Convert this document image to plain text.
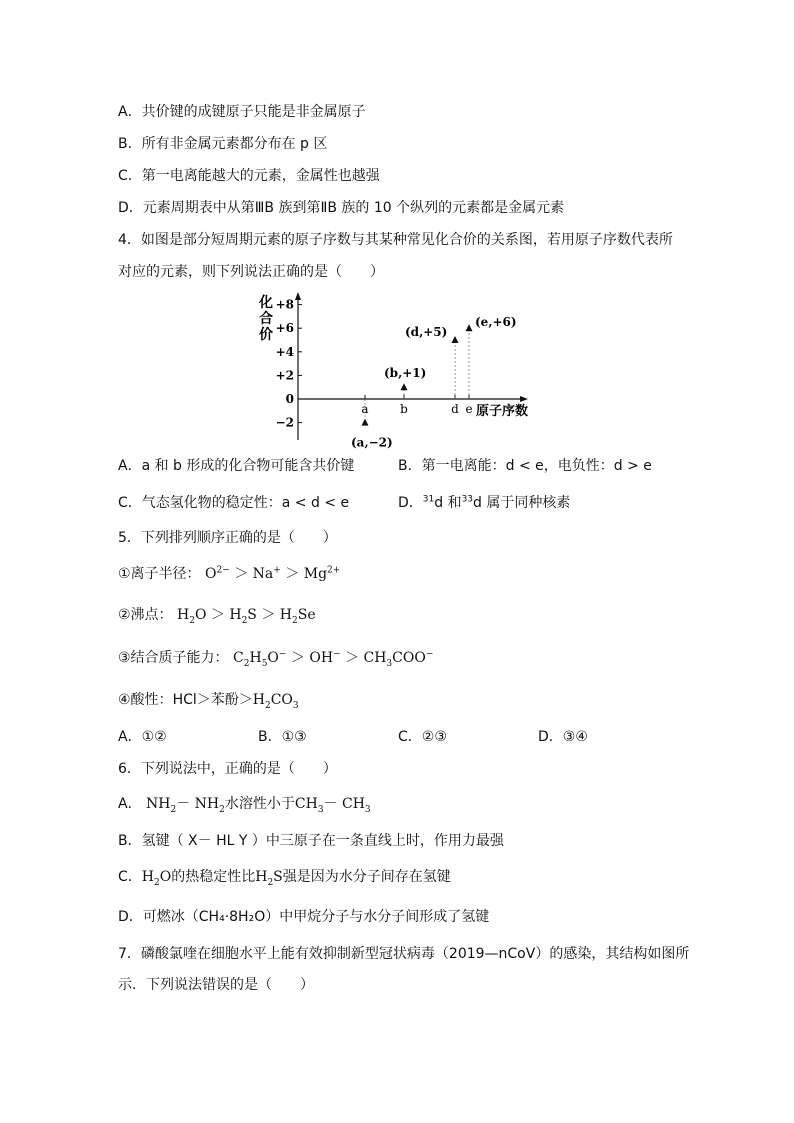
A．共价键的成键原子只能是非金属原子
B．所有非金属元素都分布在 p 区
C．第一电离能越大的元素，金属性也越强
D．元素周期表中从第ⅢB 族到第ⅡB 族的 10 个纵列的元素都是金属元素
4．如图是部分短周期元素的原子序数与其某种常见化合价的关系图，若用原子序数代表所
对应的元素，则下列说法正确的是（　　）
+8
+6
+4
+2
0
−2
化
合
价
a	b	d e 原子序数
(a,−2)
(b,+1)
(d,+5)
(e,+6)
A．a 和 b 形成的化合物可能含共价键	B．第一电离能：d < e，电负性：d > e
C．气态氢化物的稳定性：a < d < e	D．$^{31}$d 和$^{33}$d 属于同种核素
5．下列排列顺序正确的是（　　）
①离子半径： $O^{2-} > Na^+ > Mg^{2+}$
②沸点： $H_2O > H_2S > H_2Se$
③结合质子能力： $C_2H_5O^- > OH^- > CH_3COO^-$
④酸性：HCl＞苯酚$>H_2CO_3$
A．①②	B．①③	C．②③	D．③④
6．下列说法中，正确的是（　　）
A． $NH_2- NH_2$水溶性小于$CH_3- CH_3$
B．氢键（ X－ HL Y ）中三原子在一条直线上时，作用力最强
C．$H_2O$的热稳定性比$H_2S$强是因为水分子间存在氢键
D．可燃冰（CH₄·8H₂O）中甲烷分子与水分子间形成了氢键
7．磷酸氯喹在细胞水平上能有效抑制新型冠状病毒（2019—nCoV）的感染，其结构如图所
示．下列说法错误的是（　　）
